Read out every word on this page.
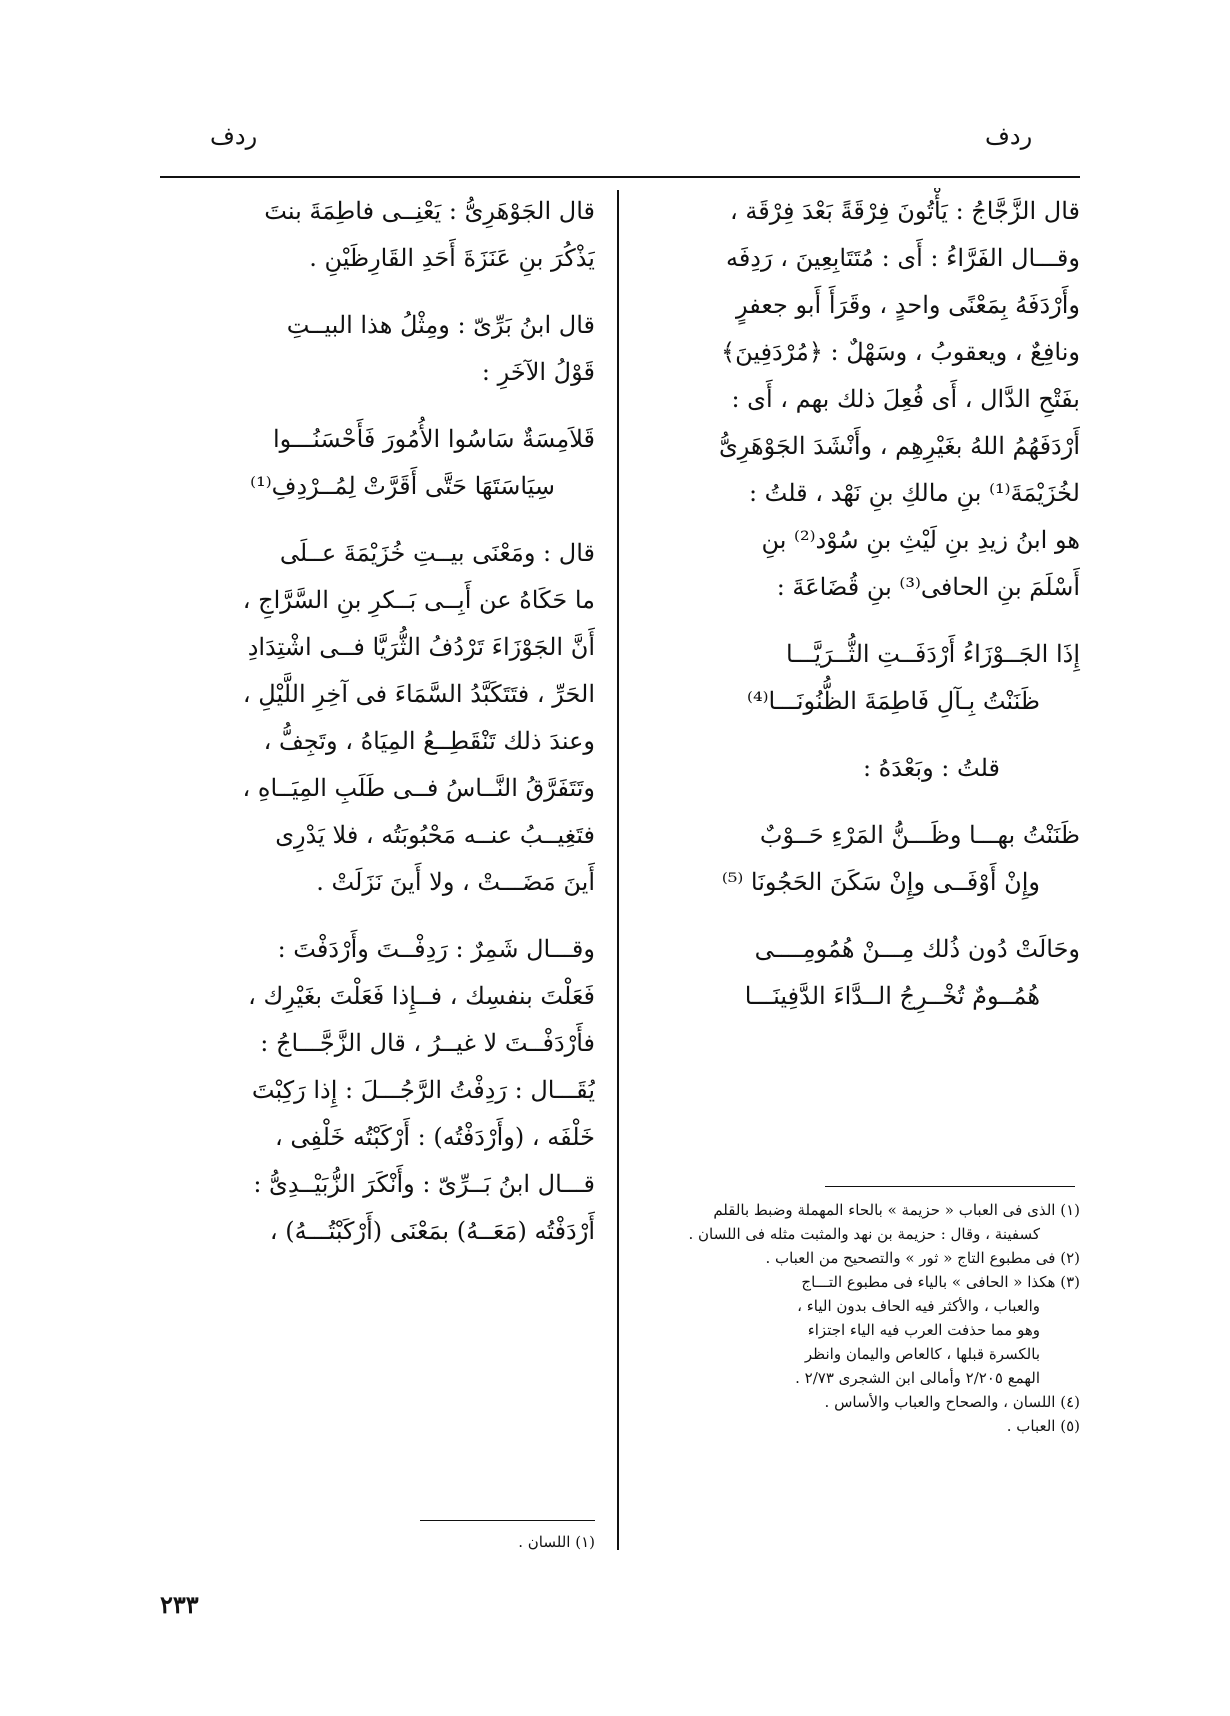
ردف
ردف
قال الزَّجَّاجُ : يَأْتُونَ فِرْقَةً بَعْدَ فِرْقَة ،
وقـــال الفَرَّاءُ : أَى : مُتَتَابِعِينَ ، رَدِفَه
وأَرْدَفَهُ بِمَعْنًى واحدٍ ، وقَرَأَ أَبو جعفرٍ
ونافِعٌ ، ويعقوبُ ، وسَهْلٌ : ﴿مُرْدَفِينَ﴾
بفَتْحِ الدَّال ، أَى فُعِلَ ذلك بهم ، أَى :
أَرْدَفَهُمُ اللهُ بغَيْرِهِم ، وأَنْشَدَ الجَوْهَرِىُّ
لخُزَيْمَةَ⁽¹⁾ بنِ مالكِ بنِ نَهْد ، قلتُ :
هو ابنُ زيدِ بنِ لَيْثِ بنِ سُوْد⁽²⁾ بنِ
أَسْلَمَ بنِ الحافى⁽³⁾ بنِ قُضَاعَةَ :
إِذَا الجَــوْزَاءُ أَرْدَفَــتِ الثُّــرَيَّـــا
ظَنَنْتُ بِـآلِ فَاطِمَةَ الظُّنُونَـــا⁽⁴⁾
قلتُ : وبَعْدَهُ :
ظَنَنْتُ بهـــا وظَـــنُّ المَرْءِ حَــوْبٌ
وإِنْ أَوْفَــى وإِنْ سَكَنَ الحَجُونَا ⁽⁵⁾
وحَالَتْ دُون ذُلك مِـــنْ هُمُومِــــى
هُمُــومٌ تُخْــرِجُ الــدَّاءَ الدَّفِينَـــا
(١) الذى فى العباب « حزيمة » بالحاء المهملة وضبط بالقلم
كسفينة ، وقال : حزيمة بن نهد والمثبت مثله فى اللسان .
(٢) فى مطبوع التاج « ثور » والتصحيح من العباب .
(٣) هكذا « الحافى » بالياء فى مطبوع التـــاج
والعباب ، والأكثر فيه الحاف بدون الياء ،
وهو مما حذفت العرب فيه الياء اجتزاء
بالكسرة قبلها ، كالعاص واليمان وانظر
الهمع ٢/٢٠٥ وأمالى ابن الشجرى ٢/٧٣ .
(٤) اللسان ، والصحاح والعباب والأساس .
(٥) العباب .
قال الجَوْهَرِىُّ : يَعْنِــى فاطِمَةَ بنتَ
يَذْكُرَ بنِ عَنَزَةَ أَحَدِ القَارِظَيْنِ .
قال ابنُ بَرِّىّ : ومِثْلُ هذا البيــتِ
قَوْلُ الآخَرِ :
قَلاَمِسَةٌ سَاسُوا الأُمُورَ فَأَحْسَنُـــوا
سِيَاسَتَهَا حَتَّى أَقَرَّتْ لِمُــرْدِفِ⁽¹⁾
قال : ومَعْنَى بيــتِ خُزَيْمَةَ عــلَى
ما حَكَاهُ عن أَبِــى بَــكرِ بنِ السَّرَّاجِ ،
أَنَّ الجَوْزَاءَ تَرْدُفُ الثُّرَيَّا فــى اشْتِدَادِ
الحَرِّ ، فتَتَكَبَّدُ السَّمَاءَ فى آخِرِ اللَّيْلِ ،
وعندَ ذلك تَنْقَطِــعُ المِيَاهُ ، وتَجِفُّ ،
وتَتَفَرَّقُ النَّــاسُ فــى طَلَبِ المِيَــاهِ ،
فتَغِيــبُ عنــه مَحْبُوبَتُه ، فلا يَدْرِى
أَينَ مَضَـــتْ ، ولا أَينَ نَزَلَتْ .
وقـــال شَمِرٌ : رَدِفْــتَ وأَرْدَفْتَ :
فَعَلْتَ بنفسِك ، فــإِذا فَعَلْتَ بغَيْرِك ،
فأَرْدَفْــتَ لا غيــرُ ، قال الزَّجَّـــاجُ :
يُقَـــال : رَدِفْتُ الرَّجُـــلَ : إِذا رَكِبْتَ
خَلْفَه ، (وأَرْدَفْتُه) : أَرْكَبْتُه خَلْفِى ،
قـــال ابنُ بَــرِّىّ : وأَنْكَرَ الزُّبَيْــدِىُّ :
أَرْدَفْتُه (مَعَــهُ) بمَعْنَى (أَرْكَبْتُـــهُ) ،
(١) اللسان .
٢٣٣
